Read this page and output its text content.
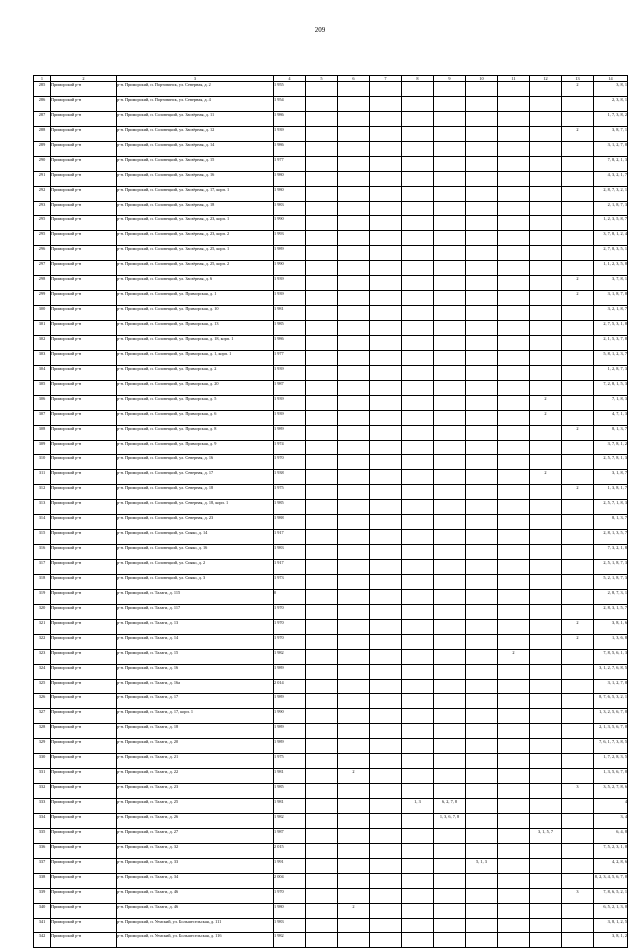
209
1	2	3	4	5	6	7	8	9	10	11	12	13	14
285	Приморский р-н	р-н. Приморский, п. Портовинск, ул. Северная, д. 2	1 955									2	3, 8, 1
286	Приморский р-н	р-н. Приморский, п. Портовинск, ул. Северная, д. 4	1 954										2, 3, 8, 1
287	Приморский р-н	р-н. Приморский, п. Соловецкий, ул. Заозёрная, д. 11	1 986										1, 7, 3, 8, 2
288	Приморский р-н	р-н. Приморский, п. Соловецкий, ул. Заозёрная, д. 12	1 939									2	3, 8, 7, 1
289	Приморский р-н	р-н. Приморский, п. Соловецкий, ул. Заозёрная, д. 14	1 986										3, 1, 2, 7, 8
290	Приморский р-н	р-н. Приморский, п. Соловецкий, ул. Заозёрная, д. 15	1 977										7, 8, 2, 1, 3
291	Приморский р-н	р-н. Приморский, п. Соловецкий, ул. Заозёрная, д. 16	1 980										4, 3, 2, 1, 7
292	Приморский р-н	р-н. Приморский, п. Соловецкий, ул. Заозёрная, д. 17, корп. 1	1 980										2, 8, 7, 3, 2, 1
293	Приморский р-н	р-н. Приморский, п. Соловецкий, ул. Заозёрная, д. 18	1 983										2, 1, 8, 7, 3
295	Приморский р-н	р-н. Приморский, п. Соловецкий, ул. Заозёрная, д. 23, корп. 1	1 990										1, 2, 3, 5, 8, 7
295	Приморский р-н	р-н. Приморский, п. Соловецкий, ул. Заозёрная, д. 23, корп. 2	1 993										3, 7, 8, 1, 2, 4
296	Приморский р-н	р-н. Приморский, п. Соловецкий, ул. Заозёрная, д. 25, корп. 1	1 989										2, 7, 8, 3, 5, 1
297	Приморский р-н	р-н. Приморский, п. Соловецкий, ул. Заозёрная, д. 25, корп. 2	1 990										1, 1, 2, 3, 5, 8
298	Приморский р-н	р-н. Приморский, п. Соловецкий, ул. Заозёрная, д. 6	1 939									2	3, 7, 8, 1
299	Приморский р-н	р-н. Приморский, п. Соловецкий, ул. Приморская, д. 1	1 939									2	3, 1, 8, 7, 8
300	Приморский р-н	р-н. Приморский, п. Соловецкий, ул. Приморская, д. 10	1 981										3, 2, 1, 8, 7
301	Приморский р-н	р-н. Приморский, п. Соловецкий, ул. Приморская, д. 13	1 985										2, 7, 5, 3, 1, 8
302	Приморский р-н	р-н. Приморский, п. Соловецкий, ул. Приморская, д. 18, корп. 1	1 986										2, 1, 5, 3, 7, 8
303	Приморский р-н	р-н. Приморский, п. Соловецкий, ул. Приморская, д. 1, корп. 1	1 977										5, 8, 1, 2, 3, 7
304	Приморский р-н	р-н. Приморский, п. Соловецкий, ул. Приморская, д. 2	1 939										1, 2, 8, 7, 3
305	Приморский р-н	р-н. Приморский, п. Соловецкий, ул. Приморская, д. 20	1 987										7, 2, 8, 1, 5, 3
306	Приморский р-н	р-н. Приморский, п. Соловецкий, ул. Приморская, д. 5	1 939								2		7, 1, 8, 3
307	Приморский р-н	р-н. Приморский, п. Соловецкий, ул. Приморская, д. 6	1 939								2		4, 7, 1, 3
308	Приморский р-н	р-н. Приморский, п. Соловецкий, ул. Приморская, д. 8	1 989									2	8, 1, 3, 7
309	Приморский р-н	р-н. Приморский, п. Соловецкий, ул. Приморская, д. 9	1 974										3, 7, 8, 1, 2
310	Приморский р-н	р-н. Приморский, п. Соловецкий, ул. Северная, д. 16	1 970										2, 5, 7, 8, 1, 3
311	Приморский р-н	р-н. Приморский, п. Соловецкий, ул. Северная, д. 17	1 938								2		3, 1, 8, 7
312	Приморский р-н	р-н. Приморский, п. Соловецкий, ул. Северная, д. 18	1 975									2	1, 3, 8, 1, 7
313	Приморский р-н	р-н. Приморский, п. Соловецкий, ул. Северная, д. 18, корп. 1	1 985										2, 5, 7, 1, 8, 3
314	Приморский р-н	р-н. Приморский, п. Соловецкий, ул. Северная, д. 23	1 988										8, 1, 3, 7
315	Приморский р-н	р-н. Приморский, п. Соловецкий, ул. Сияко, д. 14	1 917										2, 8, 1, 3, 5, 7
316	Приморский р-н	р-н. Приморский, п. Соловецкий, ул. Сияко, д. 16	1 983										7, 3, 2, 1, 8
317	Приморский р-н	р-н. Приморский, п. Соловецкий, ул. Сияко, д. 2	1 917										2, 5, 1, 8, 7, 3
318	Приморский р-н	р-н. Приморский, п. Соловецкий, ул. Сияко, д. 3	1 973										5, 2, 1, 8, 7, 3
319	Приморский р-н	р-н. Приморский, п. Талаги, д. 115	0										2, 8, 7, 3, 1
320	Приморский р-н	р-н. Приморский, п. Талаги, д. 117	1 970										2, 8, 3, 1, 5, 7
321	Приморский р-н	р-н. Приморский, п. Талаги, д. 13	1 970									2	3, 8, 1, 6
322	Приморский р-н	р-н. Приморский, п. Талаги, д. 14	1 970									2	1, 3, 6, 8
323	Приморский р-н	р-н. Приморский, п. Талаги, д. 15	1 982							2			7, 8, 5, 6, 1, 3
324	Приморский р-н	р-н. Приморский, п. Талаги, д. 16	1 989										3, 1, 2, 7, 6, 8, 5
325	Приморский р-н	р-н. Приморский, п. Талаги, д. 16а	2 014										3, 1, 2, 7, 8
326	Приморский р-н	р-н. Приморский, п. Талаги, д. 17	1 989										8, 7, 6, 5, 3, 2, 1
327	Приморский р-н	р-н. Приморский, п. Талаги, д. 17, корп. 1	1 990										1, 3, 2, 5, 6, 7, 8
328	Приморский р-н	р-н. Приморский, п. Талаги, д. 18	1 989										2, 1, 3, 5, 6, 7, 8
329	Приморский р-н	р-н. Приморский, п. Талаги, д. 20	1 989										7, 6, 1, 7, 3, 8, 5
330	Приморский р-н	р-н. Приморский, п. Талаги, д. 21	1 975										1, 7, 2, 8, 3, 5
331	Приморский р-н	р-н. Приморский, п. Талаги, д. 22	1 981		2								1, 3, 5, 6, 7, 8
332	Приморский р-н	р-н. Приморский, п. Талаги, д. 23	1 985									3	3, 5, 2, 7, 8, 6
333	Приморский р-н	р-н. Приморский, п. Талаги, д. 25	1 981				1, 3	6, 2, 7, 8					4
334	Приморский р-н	р-н. Приморский, п. Талаги, д. 26	1 982					1, 3, 6, 7, 8					3, 4
335	Приморский р-н	р-н. Приморский, п. Талаги, д. 27	1 987								3, 1, 5, 7		6, 4, 8
336	Приморский р-н	р-н. Приморский, п. Талаги, д. 32	2 015										7, 5, 2, 3, 1, 8
337	Приморский р-н	р-н. Приморский, п. Талаги, д. 33	1 991						5, 1, 3				4, 2, 8, 6
338	Приморский р-н	р-н. Приморский, п. Талаги, д. 34	2 004										8, 2, 3, 4, 5, 6, 7, 8
339	Приморский р-н	р-н. Приморский, п. Талаги, д. 46	1 970									3	7, 8, 6, 5, 2, 1
340	Приморский р-н	р-н. Приморский, п. Талаги, д. 46	1 980		2								6, 5, 2, 1, 3, 8
341	Приморский р-н	р-н. Приморский, п. Уемский, ул. Большесельская, д. 111	1 983										3, 8, 1, 2, 5
342	Приморский р-н	р-н. Приморский, п. Уемский, ул. Большесельская, д. 116	1 982										3, 8, 1, 2
